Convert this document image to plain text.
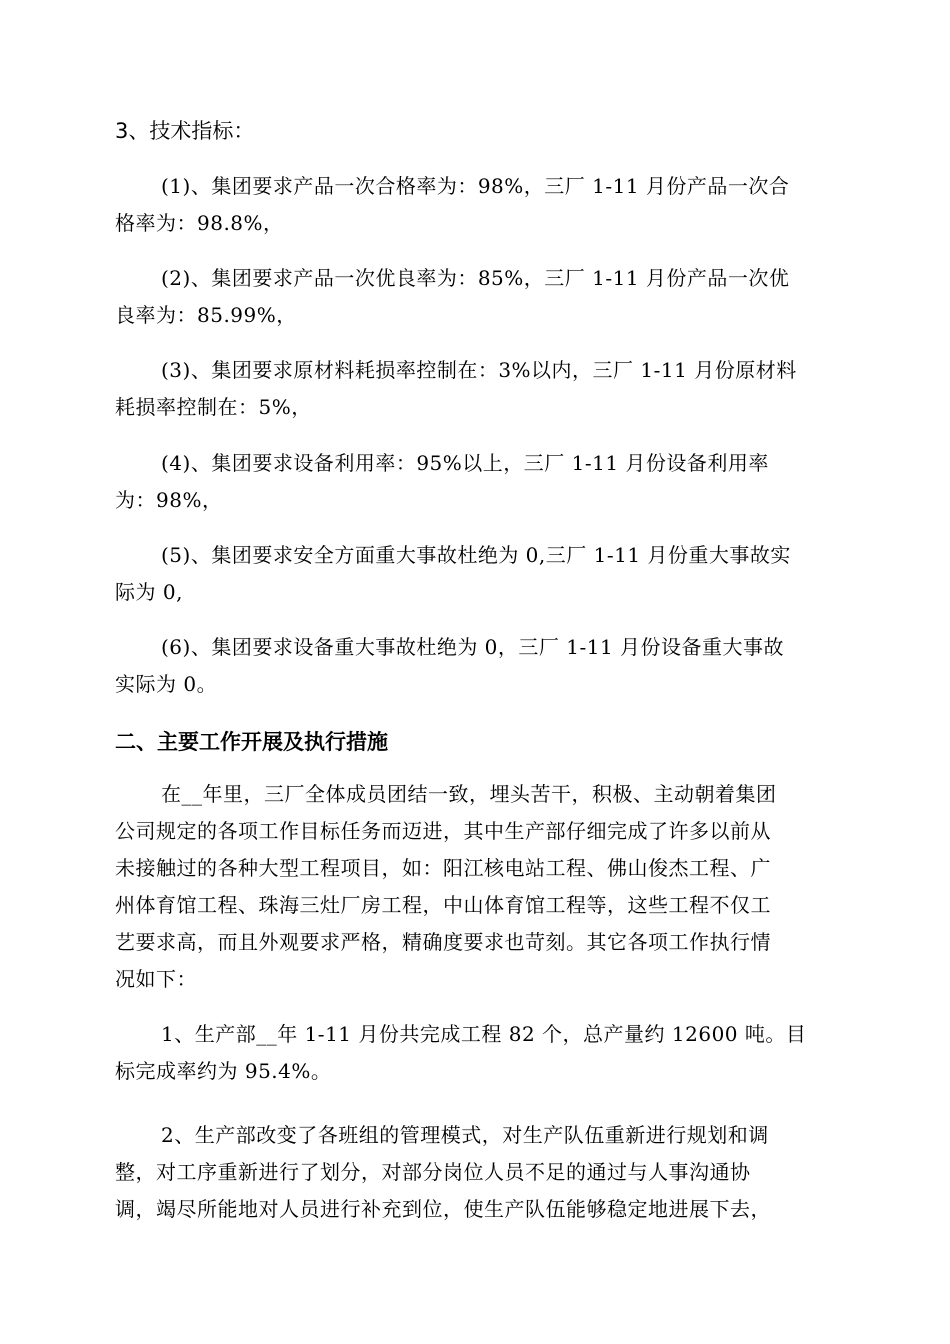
3、技术指标：

(1)、集团要求产品一次合格率为：98%，三厂 1-11 月份产品一次合
格率为：98.8%，
(2)、集团要求产品一次优良率为：85%，三厂 1-11 月份产品一次优
良率为：85.99%，
(3)、集团要求原材料耗损率控制在：3%以内，三厂 1-11 月份原材料
耗损率控制在：5%，
(4)、集团要求设备利用率：95%以上，三厂 1-11 月份设备利用率
为：98%，
(5)、集团要求安全方面重大事故杜绝为 0,三厂 1-11 月份重大事故实
际为 0,
(6)、集团要求设备重大事故杜绝为 0，三厂 1-11 月份设备重大事故
实际为 0。

二、主要工作开展及执行措施

在__年里，三厂全体成员团结一致，埋头苦干，积极、主动朝着集团
公司规定的各项工作目标任务而迈进，其中生产部仔细完成了许多以前从
未接触过的各种大型工程项目，如：阳江核电站工程、佛山俊杰工程、广
州体育馆工程、珠海三灶厂房工程，中山体育馆工程等，这些工程不仅工
艺要求高，而且外观要求严格，精确度要求也苛刻。其它各项工作执行情
况如下：
1、生产部__年 1-11 月份共完成工程 82 个，总产量约 12600 吨。目
标完成率约为 95.4%。
2、生产部改变了各班组的管理模式，对生产队伍重新进行规划和调
整，对工序重新进行了划分，对部分岗位人员不足的通过与人事沟通协
调，竭尽所能地对人员进行补充到位，使生产队伍能够稳定地进展下去，
